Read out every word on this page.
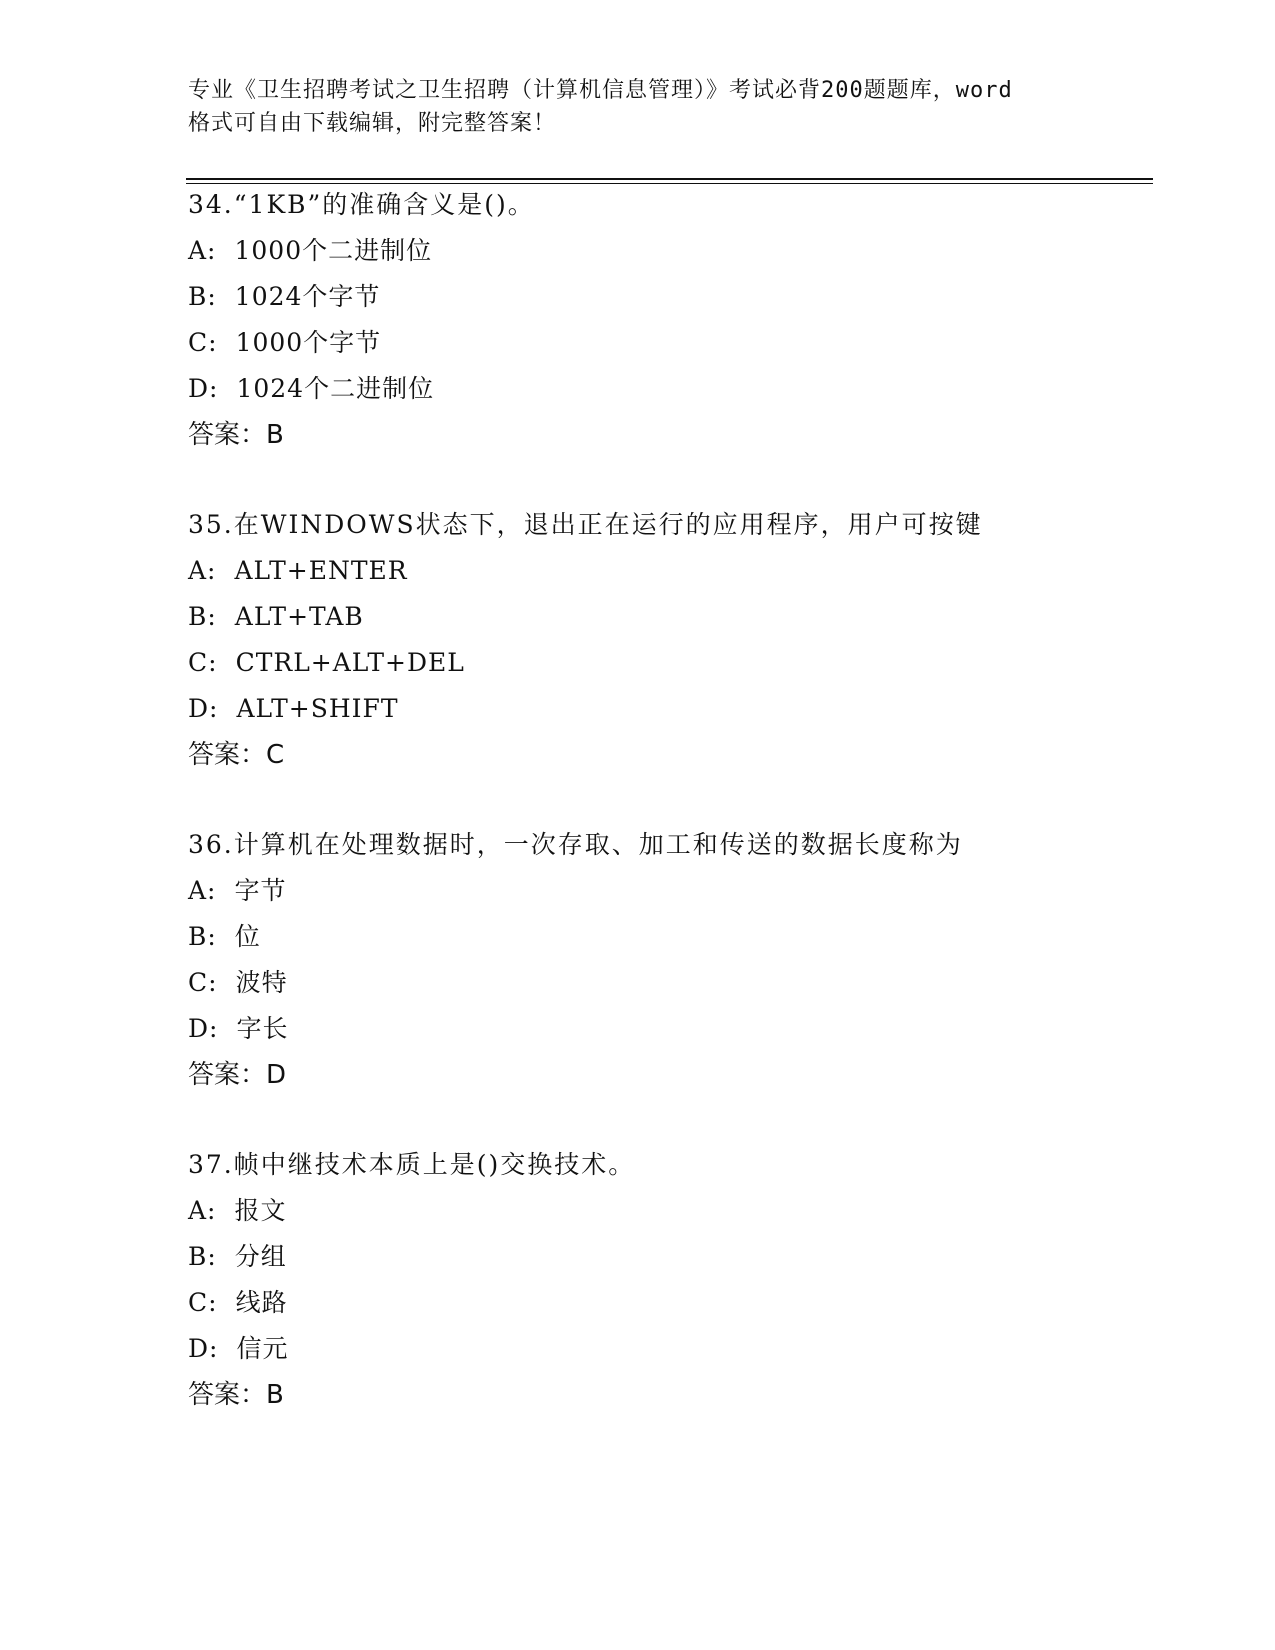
专业《卫生招聘考试之卫生招聘（计算机信息管理）》考试必背200题题库，word
格式可自由下载编辑，附完整答案！
34.“1KB”的准确含义是()。
A: 1000个二进制位
B: 1024个字节
C: 1000个字节
D: 1024个二进制位
答案：B
35.在WINDOWS状态下，退出正在运行的应用程序，用户可按键
A: ALT+ENTER
B: ALT+TAB
C: CTRL+ALT+DEL
D: ALT+SHIFT
答案：C
36.计算机在处理数据时，一次存取、加工和传送的数据长度称为
A: 字节
B: 位
C: 波特
D: 字长
答案：D
37.帧中继技术本质上是()交换技术。
A: 报文
B: 分组
C: 线路
D: 信元
答案：B
